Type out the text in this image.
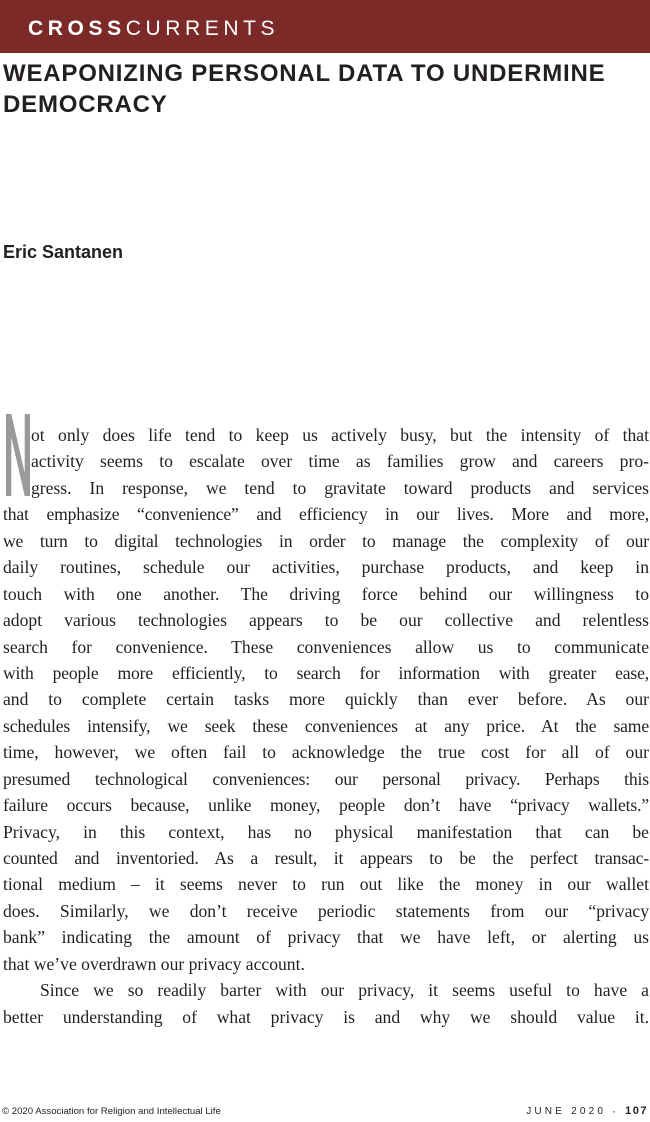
CROSSCURRENTS
WEAPONIZING PERSONAL DATA TO UNDERMINE DEMOCRACY

Eric Santanen

ot only does life tend to keep us actively busy, but the intensity of that
activity seems to escalate over time as families grow and careers pro-
gress. In response, we tend to gravitate toward products and services
that emphasize “convenience” and efficiency in our lives. More and more,
we turn to digital technologies in order to manage the complexity of our
daily routines, schedule our activities, purchase products, and keep in
touch with one another. The driving force behind our willingness to
adopt various technologies appears to be our collective and relentless
search for convenience. These conveniences allow us to communicate
with people more efficiently, to search for information with greater ease,
and to complete certain tasks more quickly than ever before. As our
schedules intensify, we seek these conveniences at any price. At the same
time, however, we often fail to acknowledge the true cost for all of our
presumed technological conveniences: our personal privacy. Perhaps this
failure occurs because, unlike money, people don’t have “privacy wallets.”
Privacy, in this context, has no physical manifestation that can be
counted and inventoried. As a result, it appears to be the perfect transac-
tional medium – it seems never to run out like the money in our wallet
does. Similarly, we don’t receive periodic statements from our “privacy
bank” indicating the amount of privacy that we have left, or alerting us
that we’ve overdrawn our privacy account.
Since we so readily barter with our privacy, it seems useful to have a
better understanding of what privacy is and why we should value it.
© 2020 Association for Religion and Intellectual Life	JUNE 2020 · 107
